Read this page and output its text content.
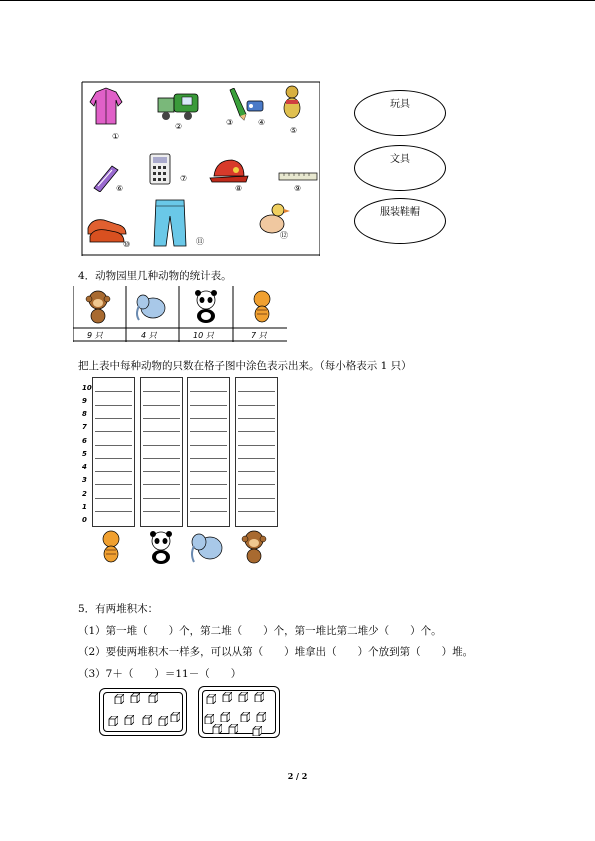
①
②	③	④
⑤
⑥
⑦
⑧	⑨
⑩	⑪
⑫
玩具
文具
服装鞋帽
4．动物园里几种动物的统计表。
9 只	4 只	10 只	7 只
把上表中每种动物的只数在格子图中涂色表示出来。（每小格表示 1 只）
10
9
8
7
6
5
4
3
2
1
0
5．有两堆积木：
（1）第一堆（　　）个，第二堆（　　）个，第一堆比第二堆少（　　）个。
（2）要使两堆积木一样多，可以从第（　　）堆拿出（　　）个放到第（　　）堆。
（3）7＋（　　）＝11－（　　）
2 / 2
